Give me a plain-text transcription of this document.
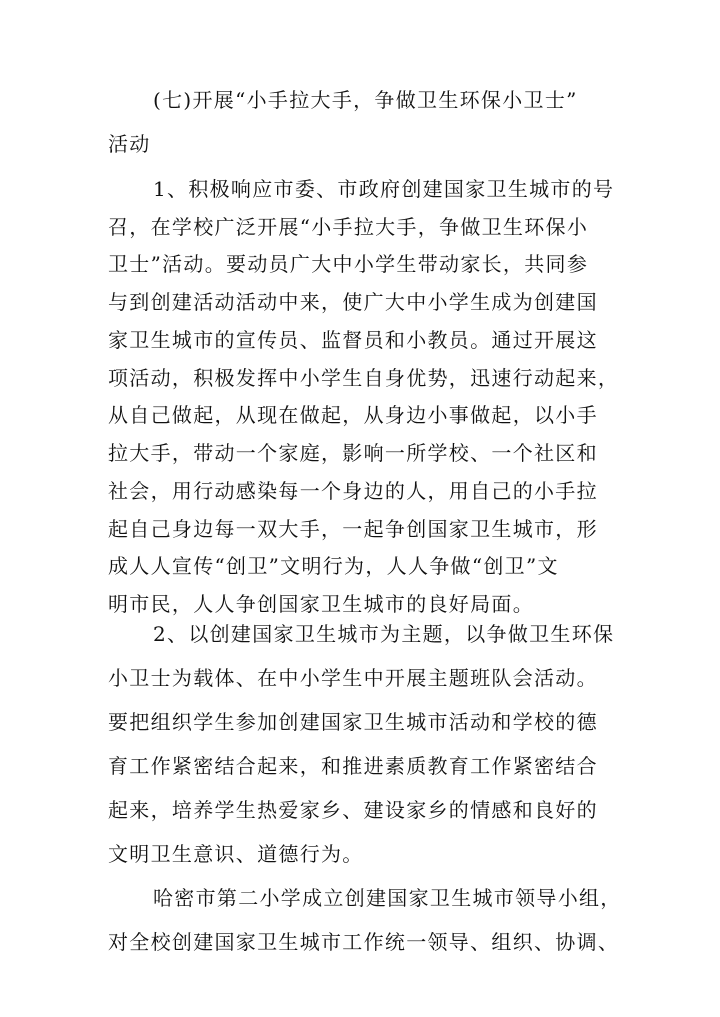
(七)开展“小手拉大手，争做卫生环保小卫士”
活动
1、积极响应市委、市政府创建国家卫生城市的号
召，在学校广泛开展“小手拉大手，争做卫生环保小
卫士”活动。要动员广大中小学生带动家长，共同参
与到创建活动活动中来，使广大中小学生成为创建国
家卫生城市的宣传员、监督员和小教员。通过开展这
项活动，积极发挥中小学生自身优势，迅速行动起来，
从自己做起，从现在做起，从身边小事做起，以小手
拉大手，带动一个家庭，影响一所学校、一个社区和
社会，用行动感染每一个身边的人，用自己的小手拉
起自己身边每一双大手，一起争创国家卫生城市，形
成人人宣传“创卫”文明行为，人人争做“创卫”文
明市民，人人争创国家卫生城市的良好局面。
2、以创建国家卫生城市为主题，以争做卫生环保
小卫士为载体、在中小学生中开展主题班队会活动。
要把组织学生参加创建国家卫生城市活动和学校的德
育工作紧密结合起来，和推进素质教育工作紧密结合
起来，培养学生热爱家乡、建设家乡的情感和良好的
文明卫生意识、道德行为。
哈密市第二小学成立创建国家卫生城市领导小组，
对全校创建国家卫生城市工作统一领导、组织、协调、
